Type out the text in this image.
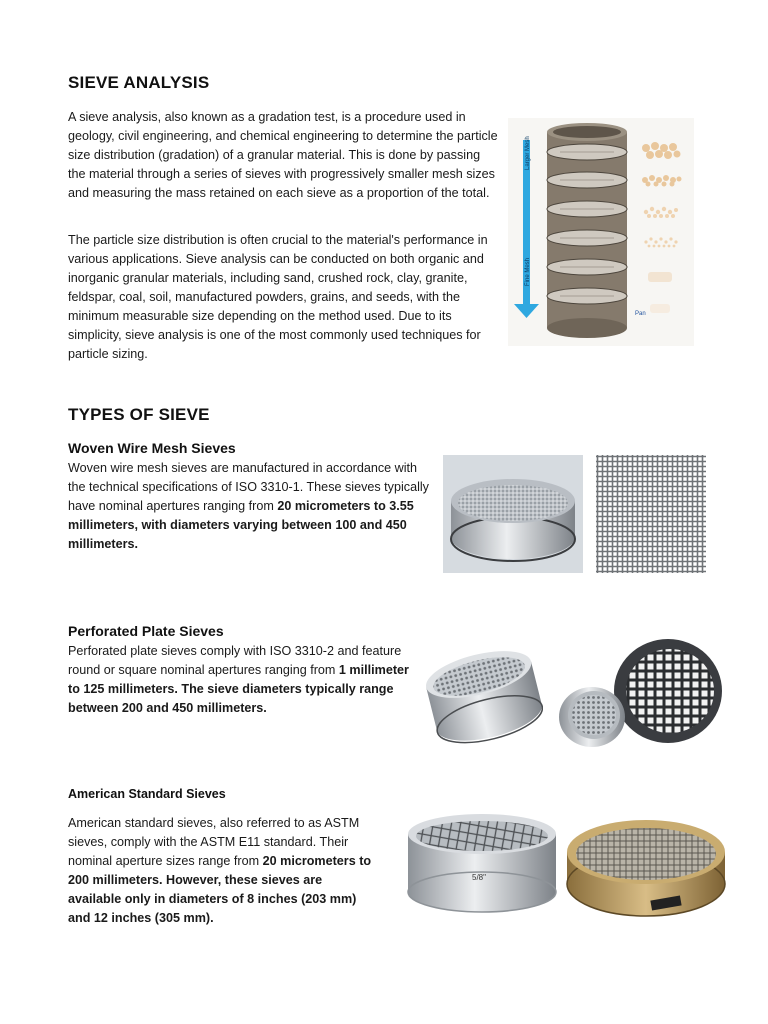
SIEVE ANALYSIS

A sieve analysis, also known as a gradation test, is a procedure used in geology, civil engineering, and chemical engineering to determine the particle size distribution (gradation) of a granular material. This is done by passing the material through a series of sieves with progressively smaller mesh sizes and measuring the mass retained on each sieve as a proportion of the total.

The particle size distribution is often crucial to the material's performance in various applications. Sieve analysis can be conducted on both organic and inorganic granular materials, including sand, crushed rock, clay, granite, feldspar, coal, soil, manufactured powders, grains, and seeds, with the minimum measurable size depending on the method used. Due to its simplicity, sieve analysis is one of the most commonly used techniques for particle sizing.

Larger Mesh
Fine Mesh
Pan
TYPES OF SIEVE
Woven Wire Mesh Sieves

Woven wire mesh sieves are manufactured in accordance with the technical specifications of ISO 3310-1. These sieves typically have nominal apertures ranging from 20 micrometers to 3.55 millimeters, with diameters varying between 100 and 450 millimeters.

Perforated Plate Sieves

Perforated plate sieves comply with ISO 3310-2 and feature round or square nominal apertures ranging from 1 millimeter to 125 millimeters. The sieve diameters typically range between 200 and 450 millimeters.

American Standard Sieves

American standard sieves, also referred to as ASTM sieves, comply with the ASTM E11 standard. Their nominal aperture sizes range from 20 micrometers to 200 millimeters. However, these sieves are available only in diameters of 8 inches (203 mm) and 12 inches (305 mm).

5/8"
